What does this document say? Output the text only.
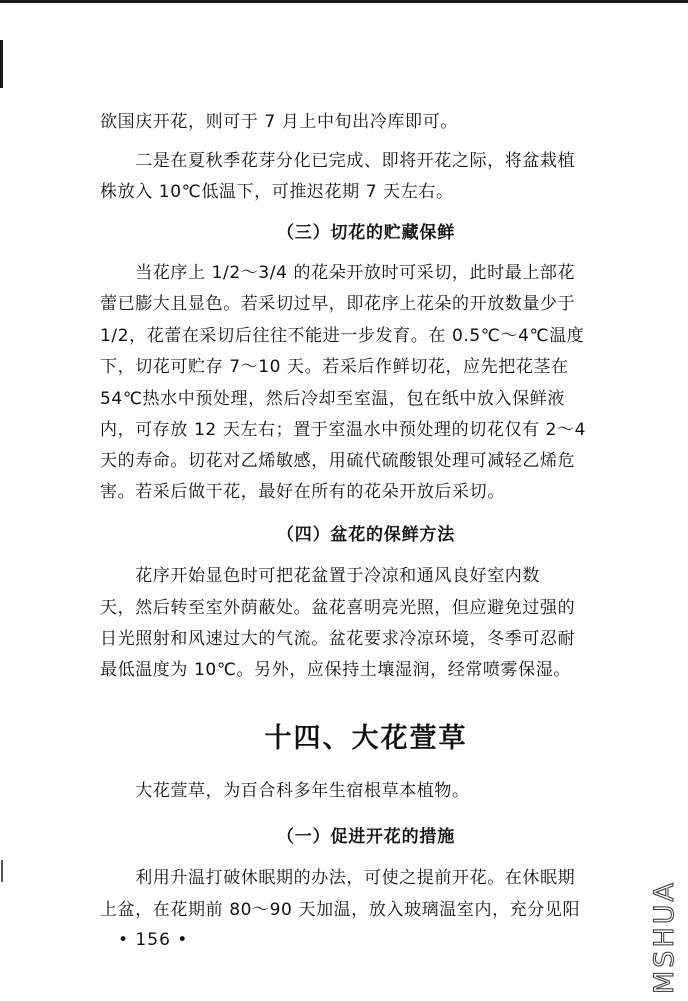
欲国庆开花，则可于 7 月上中旬出冷库即可。
　　二是在夏秋季花芽分化已完成、即将开花之际，将盆栽植
株放入 10℃低温下，可推迟花期 7 天左右。
（三）切花的贮藏保鲜
　　当花序上 1/2～3/4 的花朵开放时可采切，此时最上部花
蕾已膨大且显色。若采切过早，即花序上花朵的开放数量少于
1/2，花蕾在采切后往往不能进一步发育。在 0.5℃～4℃温度
下，切花可贮存 7～10 天。若采后作鲜切花，应先把花茎在
54℃热水中预处理，然后冷却至室温，包在纸中放入保鲜液
内，可存放 12 天左右；置于室温水中预处理的切花仅有 2～4
天的寿命。切花对乙烯敏感，用硫代硫酸银处理可减轻乙烯危
害。若采后做干花，最好在所有的花朵开放后采切。
（四）盆花的保鲜方法
　　花序开始显色时可把花盆置于冷凉和通风良好室内数
天，然后转至室外荫蔽处。盆花喜明亮光照，但应避免过强的
日光照射和风速过大的气流。盆花要求冷凉环境，冬季可忍耐
最低温度为 10℃。另外，应保持土壤湿润，经常喷雾保湿。
十四、大花萱草
　　大花萱草，为百合科多年生宿根草本植物。
（一）促进开花的措施
　　利用升温打破休眠期的办法，可使之提前开花。在休眠期
上盆，在花期前 80～90 天加温，放入玻璃温室内，充分见阳
• 156 •	MSHUA
